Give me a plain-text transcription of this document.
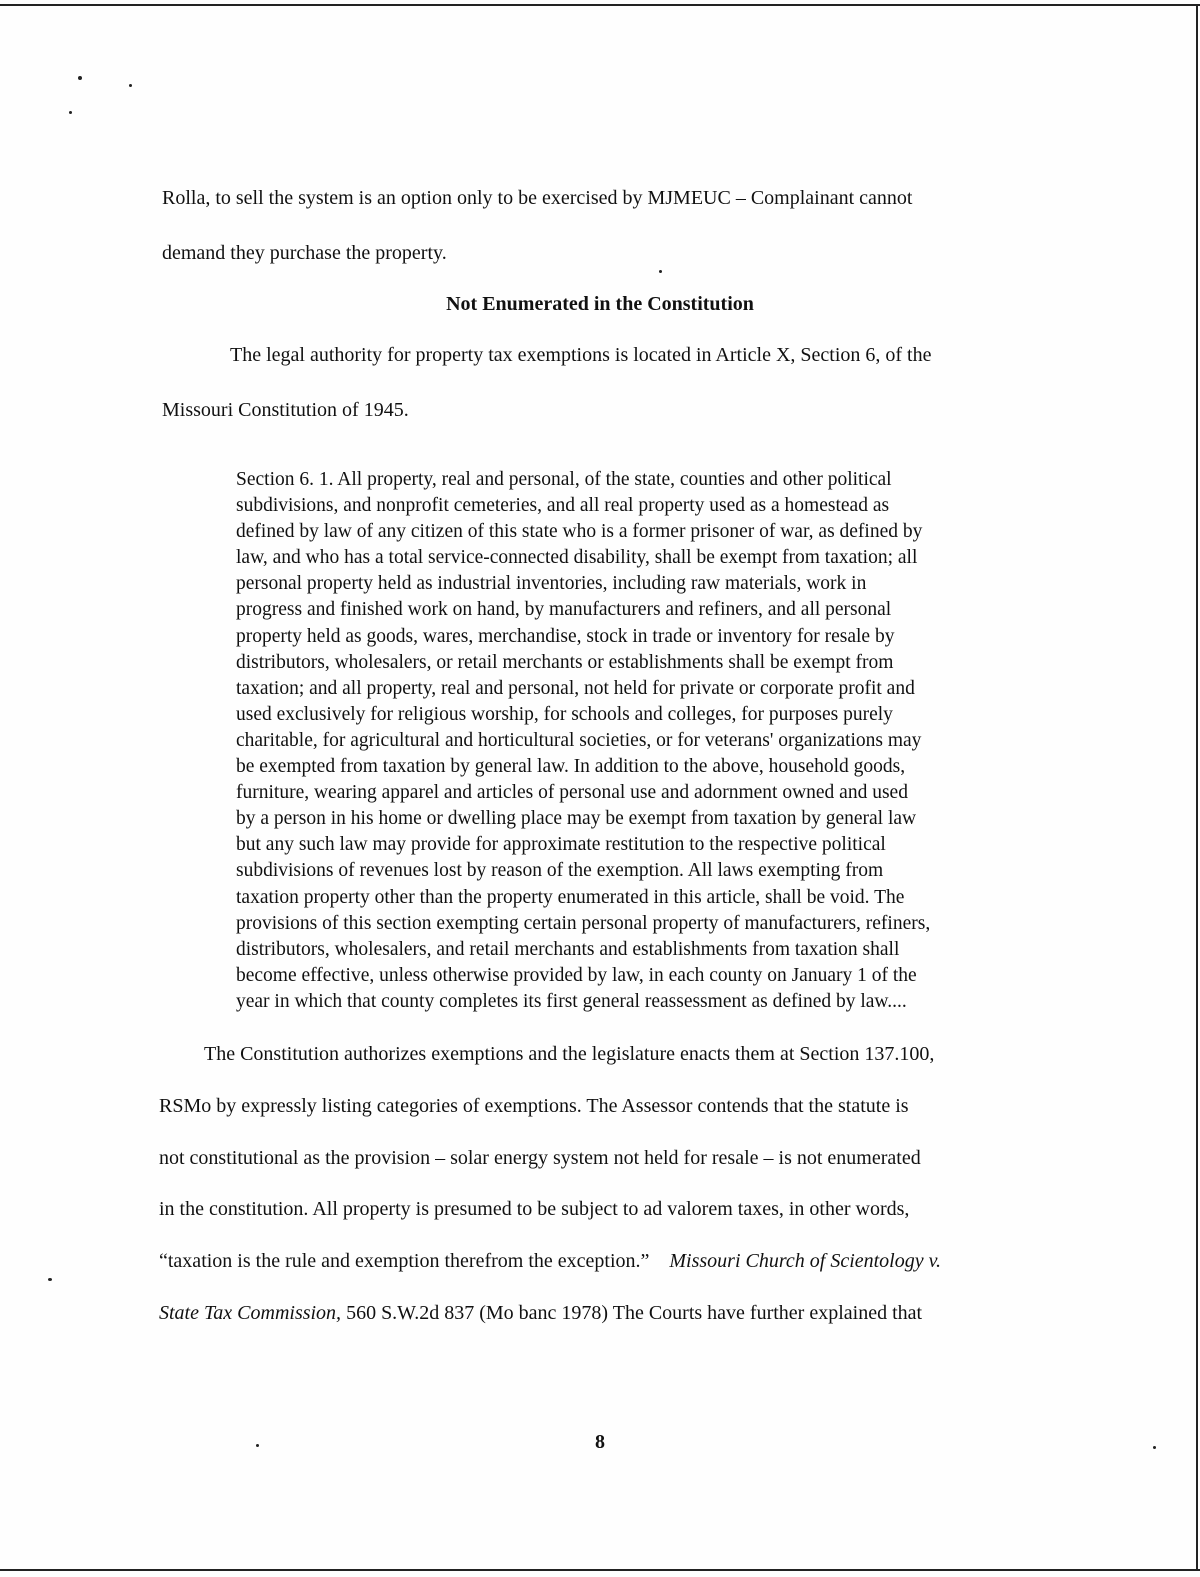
Rolla, to sell the system is an option only to be exercised by MJMEUC – Complainant cannot
demand they purchase the property.
Not Enumerated in the Constitution
The legal authority for property tax exemptions is located in Article X, Section 6, of the
Missouri Constitution of 1945.
Section 6. 1. All property, real and personal, of the state, counties and other political
subdivisions, and nonprofit cemeteries, and all real property used as a homestead as
defined by law of any citizen of this state who is a former prisoner of war, as defined by
law, and who has a total service-connected disability, shall be exempt from taxation; all
personal property held as industrial inventories, including raw materials, work in
progress and finished work on hand, by manufacturers and refiners, and all personal
property held as goods, wares, merchandise, stock in trade or inventory for resale by
distributors, wholesalers, or retail merchants or establishments shall be exempt from
taxation; and all property, real and personal, not held for private or corporate profit and
used exclusively for religious worship, for schools and colleges, for purposes purely
charitable, for agricultural and horticultural societies, or for veterans' organizations may
be exempted from taxation by general law. In addition to the above, household goods,
furniture, wearing apparel and articles of personal use and adornment owned and used
by a person in his home or dwelling place may be exempt from taxation by general law
but any such law may provide for approximate restitution to the respective political
subdivisions of revenues lost by reason of the exemption. All laws exempting from
taxation property other than the property enumerated in this article, shall be void. The
provisions of this section exempting certain personal property of manufacturers, refiners,
distributors, wholesalers, and retail merchants and establishments from taxation shall
become effective, unless otherwise provided by law, in each county on January 1 of the
year in which that county completes its first general reassessment as defined by law....
The Constitution authorizes exemptions and the legislature enacts them at Section 137.100,
RSMo by expressly listing categories of exemptions. The Assessor contends that the statute is
not constitutional as the provision – solar energy system not held for resale – is not enumerated
in the constitution. All property is presumed to be subject to ad valorem taxes, in other words,
“taxation is the rule and exemption therefrom the exception.” Missouri Church of Scientology v.
State Tax Commission, 560 S.W.2d 837 (Mo banc 1978) The Courts have further explained that
8
